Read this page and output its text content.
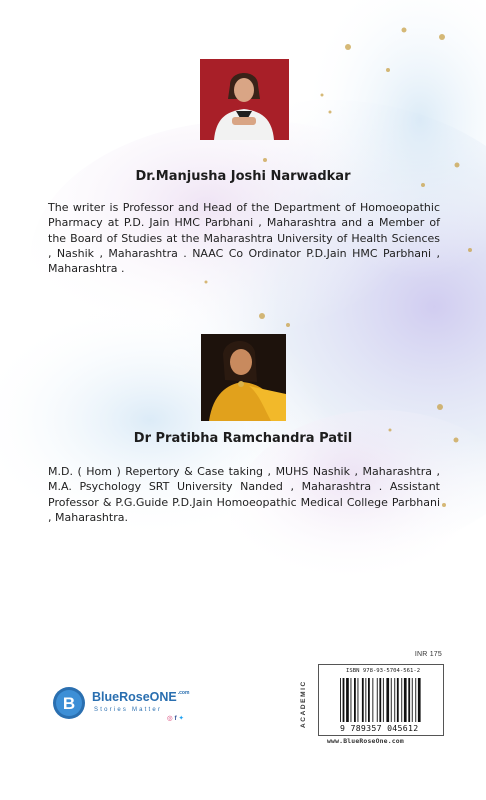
Dr.Manjusha Joshi Narwadkar
The writer is Professor and Head of the Department of Homoeopathic Pharmacy at P.D. Jain HMC Parbhani , Maharashtra and a Member of the Board of Studies at the Maharashtra University of Health Sciences , Nashik , Maharashtra . NAAC Co Ordinator P.D.Jain HMC Parbhani , Maharashtra .
Dr Pratibha Ramchandra Patil
M.D. ( Hom ) Repertory & Case taking , MUHS Nashik , Maharashtra , M.A. Psychology SRT University Nanded , Maharashtra . Assistant Professor & P.G.Guide P.D.Jain Homoeopathic Medical College Parbhani , Maharashtra.
B BlueRoseONE$^{.com}$
Stories Matter
◎ f ✦
INR 175
ACADEMIC
ISBN 978-93-5704-561-2
9 789357 045612
www.BlueRoseOne.com
